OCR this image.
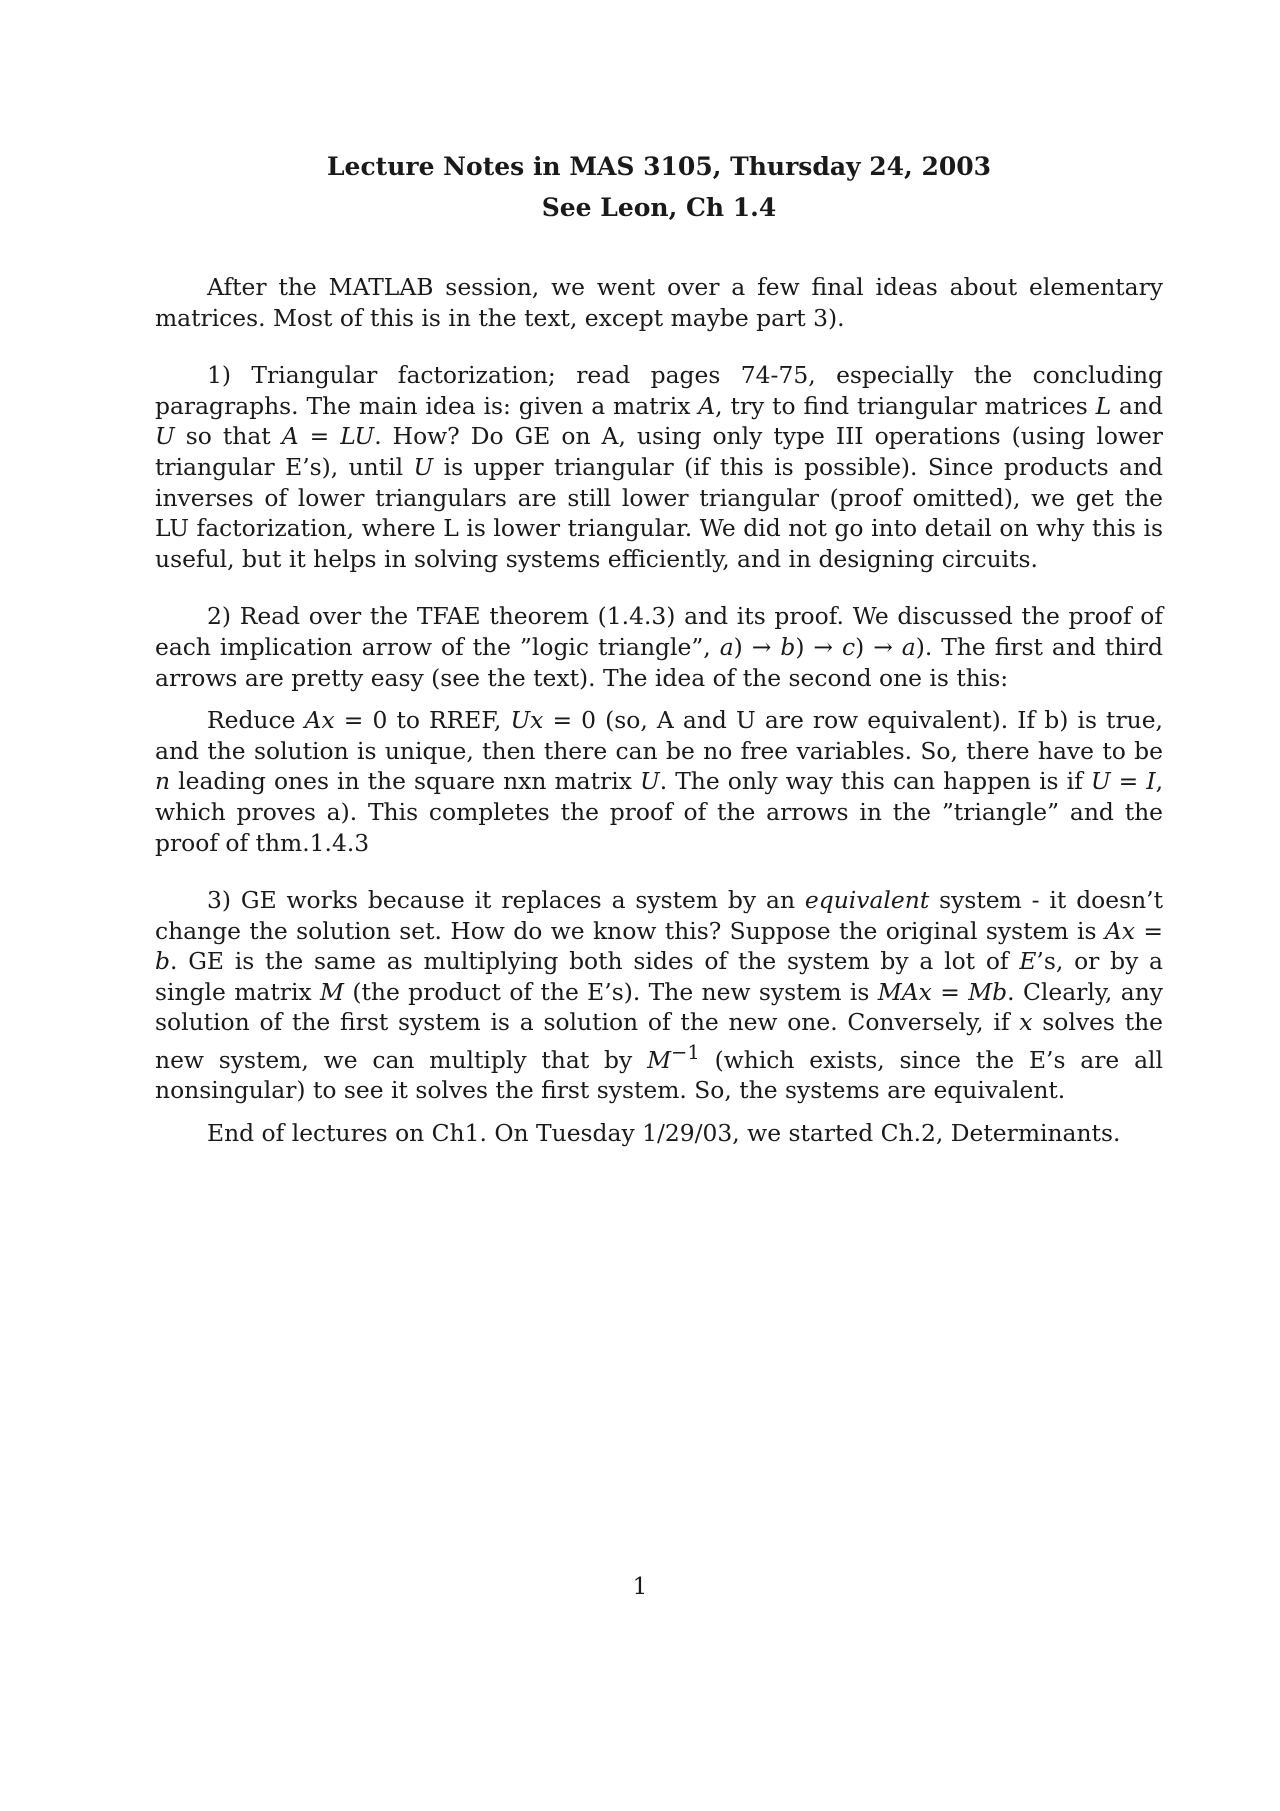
Lecture Notes in MAS 3105, Thursday 24, 2003

See Leon, Ch 1.4

After the MATLAB session, we went over a few final ideas about elementary matrices. Most of this is in the text, except maybe part 3).

1) Triangular factorization; read pages 74-75, especially the concluding paragraphs. The main idea is: given a matrix A, try to find triangular matrices L and U so that A = LU. How? Do GE on A, using only type III operations (using lower triangular E’s), until U is upper triangular (if this is possible). Since products and inverses of lower triangulars are still lower triangular (proof omitted), we get the LU factorization, where L is lower triangular. We did not go into detail on why this is useful, but it helps in solving systems efficiently, and in designing circuits.

2) Read over the TFAE theorem (1.4.3) and its proof. We discussed the proof of each implication arrow of the ”logic triangle”, a) → b) → c) → a). The first and third arrows are pretty easy (see the text). The idea of the second one is this:

Reduce Ax = 0 to RREF, Ux = 0 (so, A and U are row equivalent). If b) is true, and the solution is unique, then there can be no free variables. So, there have to be n leading ones in the square nxn matrix U. The only way this can happen is if U = I, which proves a). This completes the proof of the arrows in the ”triangle” and the proof of thm.1.4.3

3) GE works because it replaces a system by an equivalent system - it doesn’t change the solution set. How do we know this? Suppose the original system is Ax = b. GE is the same as multiplying both sides of the system by a lot of E’s, or by a single matrix M (the product of the E’s). The new system is MAx = Mb. Clearly, any solution of the first system is a solution of the new one. Conversely, if x solves the new system, we can multiply that by $M^{-1}$ (which exists, since the E’s are all nonsingular) to see it solves the first system. So, the systems are equivalent.

End of lectures on Ch1. On Tuesday 1/29/03, we started Ch.2, Determinants.

1
